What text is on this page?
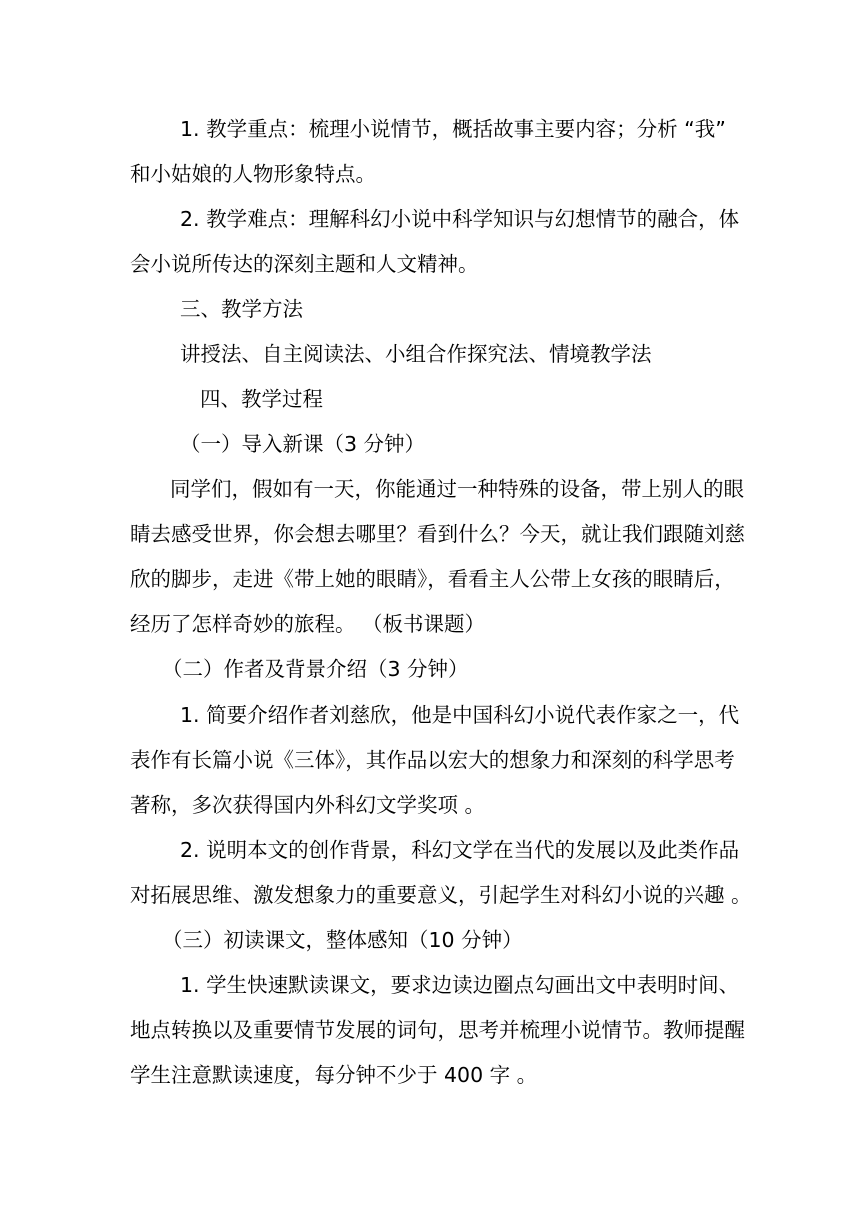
1. 教学重点：梳理小说情节，概括故事主要内容；分析 “我”
和小姑娘的人物形象特点。
2. 教学难点：理解科幻小说中科学知识与幻想情节的融合，体
会小说所传达的深刻主题和人文精神。
三、教学方法
讲授法、自主阅读法、小组合作探究法、情境教学法
四、教学过程
（一）导入新课（3 分钟）
同学们，假如有一天，你能通过一种特殊的设备，带上别人的眼
睛去感受世界，你会想去哪里？看到什么？今天，就让我们跟随刘慈
欣的脚步，走进《带上她的眼睛》，看看主人公带上女孩的眼睛后，
经历了怎样奇妙的旅程。 （板书课题）
（二）作者及背景介绍（3 分钟）
1. 简要介绍作者刘慈欣，他是中国科幻小说代表作家之一，代
表作有长篇小说《三体》，其作品以宏大的想象力和深刻的科学思考
著称，多次获得国内外科幻文学奖项 。
2. 说明本文的创作背景，科幻文学在当代的发展以及此类作品
对拓展思维、激发想象力的重要意义，引起学生对科幻小说的兴趣 。
（三）初读课文，整体感知（10 分钟）
1. 学生快速默读课文，要求边读边圈点勾画出文中表明时间、
地点转换以及重要情节发展的词句，思考并梳理小说情节。教师提醒
学生注意默读速度，每分钟不少于 400 字 。
